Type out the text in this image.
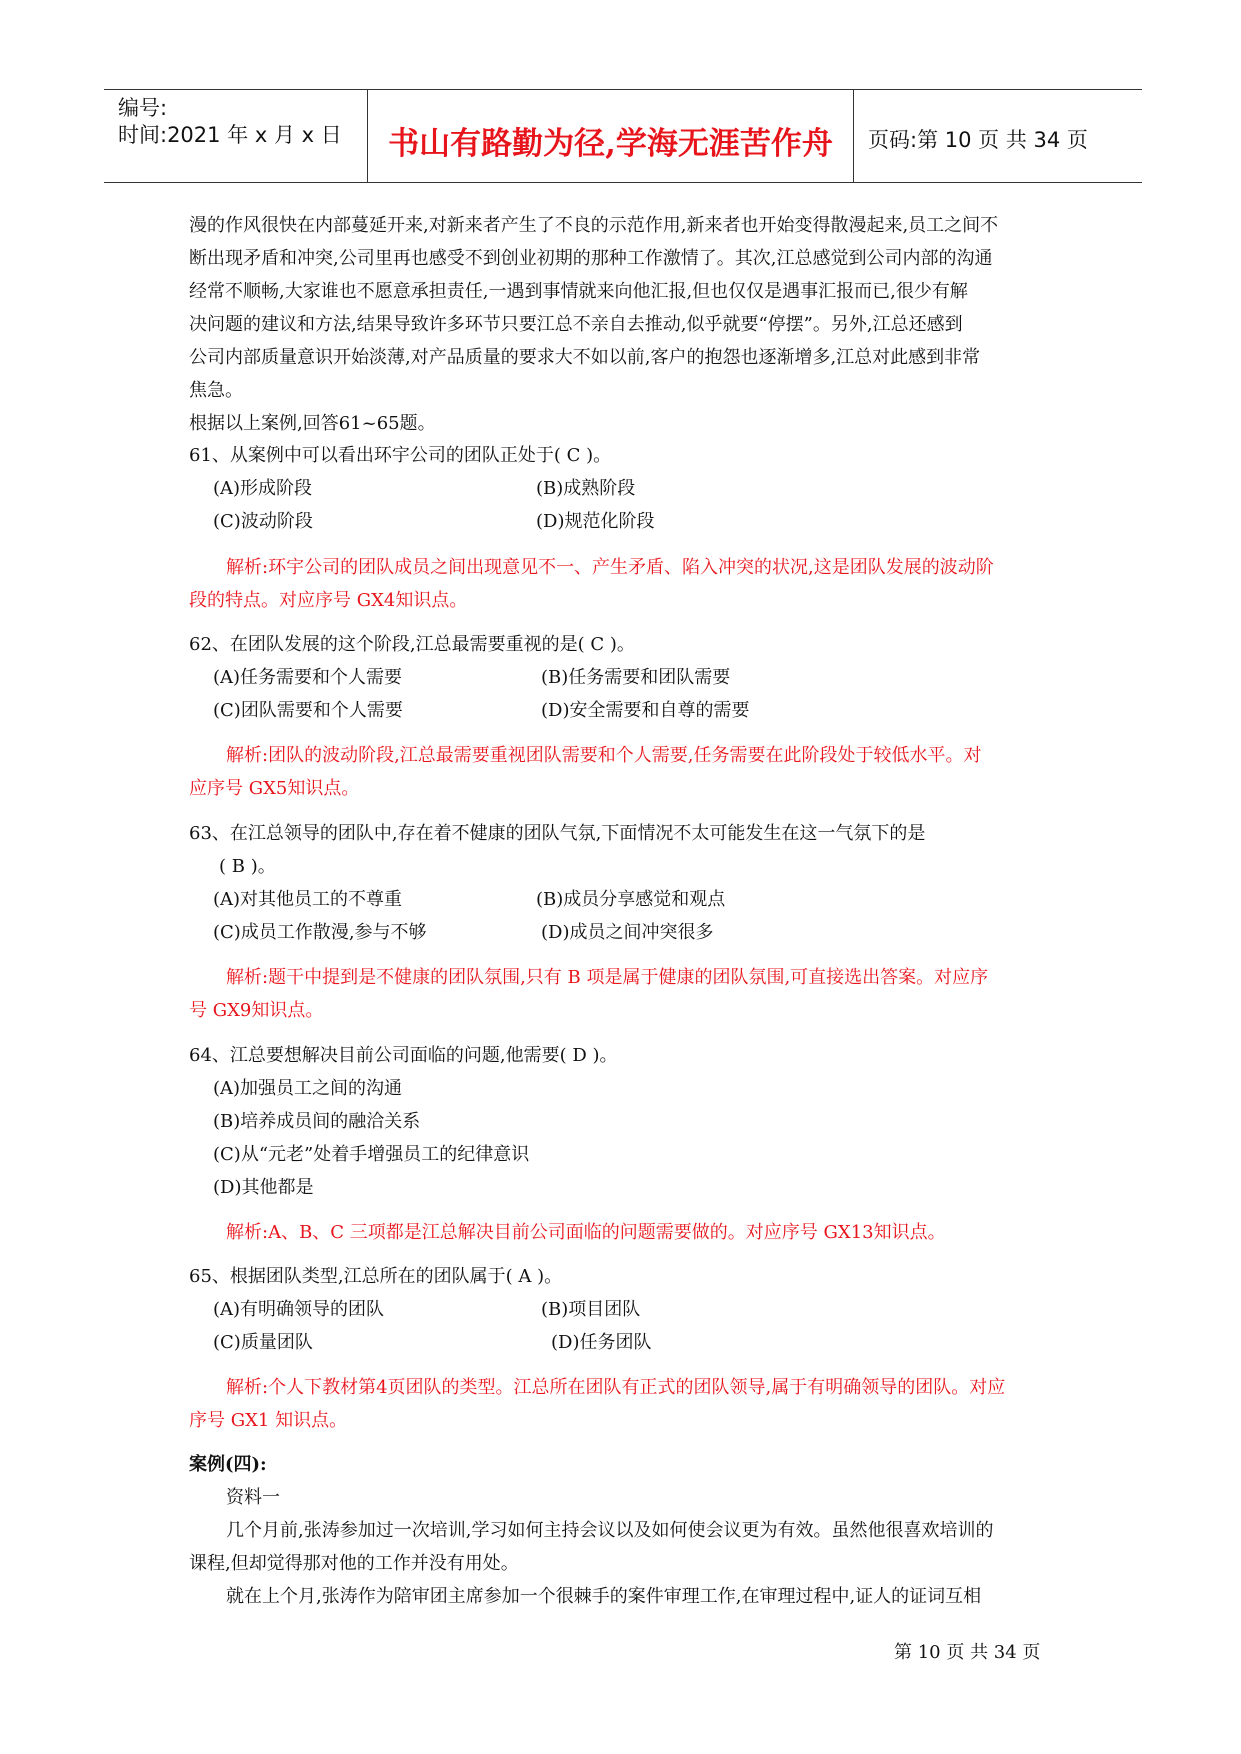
编号:
时间:2021 年 x 月 x 日	书山有路勤为径,学海无涯苦作舟	页码:第 10 页 共 34 页
漫的作风很快在内部蔓延开来,对新来者产生了不良的示范作用,新来者也开始变得散漫起来,员工之间不
断出现矛盾和冲突,公司里再也感受不到创业初期的那种工作激情了。其次,江总感觉到公司内部的沟通
经常不顺畅,大家谁也不愿意承担责任,一遇到事情就来向他汇报,但也仅仅是遇事汇报而已,很少有解
决问题的建议和方法,结果导致许多环节只要江总不亲自去推动,似乎就要“停摆”。另外,江总还感到
公司内部质量意识开始淡薄,对产品质量的要求大不如以前,客户的抱怨也逐渐增多,江总对此感到非常
焦急。
根据以上案例,回答61~65题。
61、从案例中可以看出环宇公司的团队正处于( C )。
(A)形成阶段	(B)成熟阶段
(C)波动阶段	(D)规范化阶段
解析:环宇公司的团队成员之间出现意见不一、产生矛盾、陷入冲突的状况,这是团队发展的波动阶
段的特点。对应序号 GX4知识点。
62、在团队发展的这个阶段,江总最需要重视的是( C )。
(A)任务需要和个人需要	(B)任务需要和团队需要
(C)团队需要和个人需要	(D)安全需要和自尊的需要
解析:团队的波动阶段,江总最需要重视团队需要和个人需要,任务需要在此阶段处于较低水平。对
应序号 GX5知识点。
63、在江总领导的团队中,存在着不健康的团队气氛,下面情况不太可能发生在这一气氛下的是
( B )。
(A)对其他员工的不尊重	(B)成员分享感觉和观点
(C)成员工作散漫,参与不够	(D)成员之间冲突很多
解析:题干中提到是不健康的团队氛围,只有 B 项是属于健康的团队氛围,可直接选出答案。对应序
号 GX9知识点。
64、江总要想解决目前公司面临的问题,他需要( D )。
(A)加强员工之间的沟通
(B)培养成员间的融洽关系
(C)从“元老”处着手增强员工的纪律意识
(D)其他都是
解析:A、B、C 三项都是江总解决目前公司面临的问题需要做的。对应序号 GX13知识点。
65、根据团队类型,江总所在的团队属于( A )。
(A)有明确领导的团队	(B)项目团队
(C)质量团队	(D)任务团队
解析:个人下教材第4页团队的类型。江总所在团队有正式的团队领导,属于有明确领导的团队。对应
序号 GX1 知识点。
案例(四):
资料一
几个月前,张涛参加过一次培训,学习如何主持会议以及如何使会议更为有效。虽然他很喜欢培训的
课程,但却觉得那对他的工作并没有用处。
就在上个月,张涛作为陪审团主席参加一个很棘手的案件审理工作,在审理过程中,证人的证词互相
第 10 页 共 34 页
